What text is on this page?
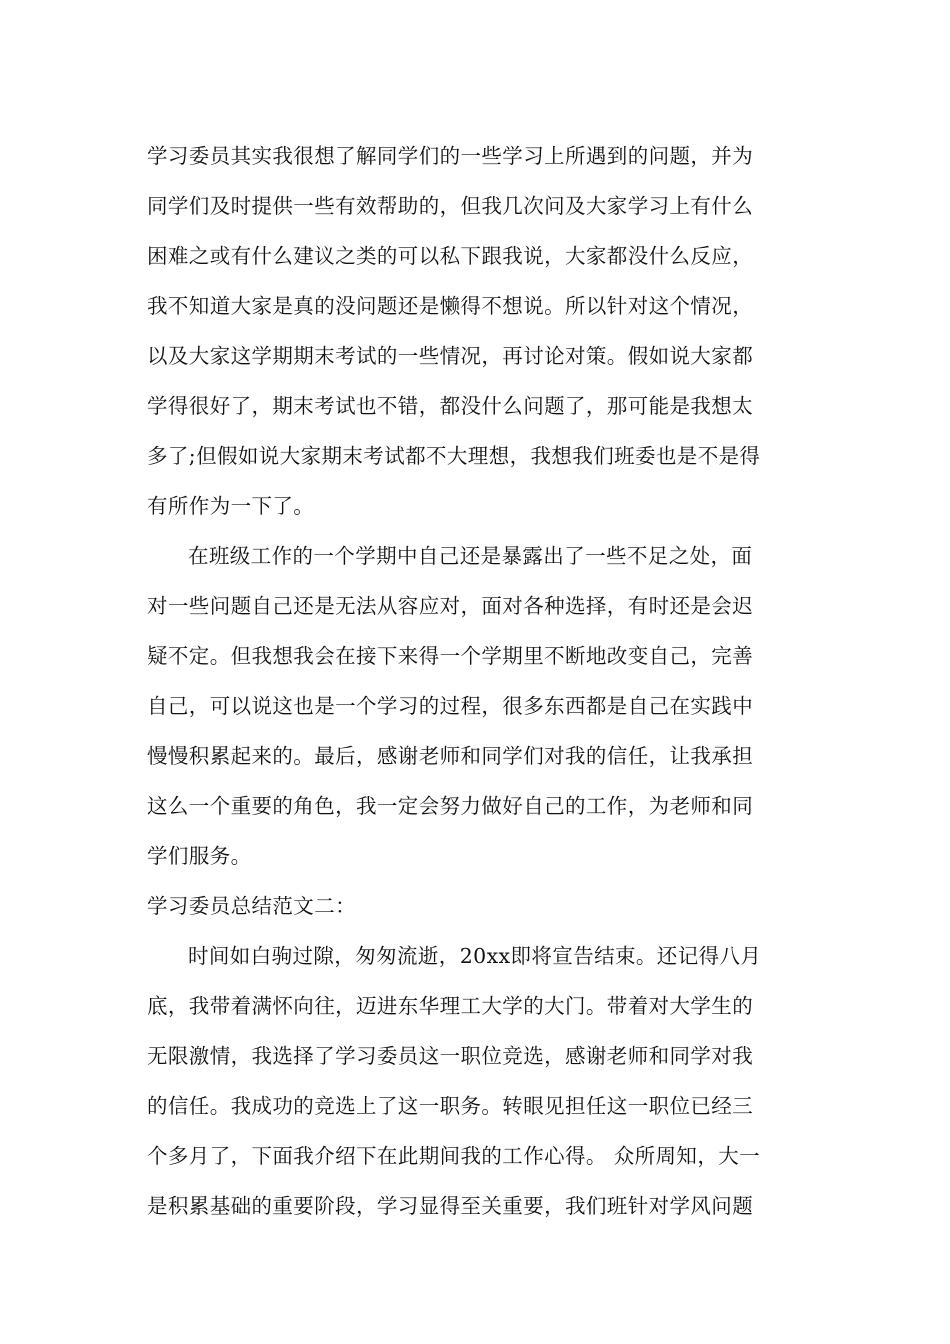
学习委员其实我很想了解同学们的一些学习上所遇到的问题，并为
同学们及时提供一些有效帮助的，但我几次问及大家学习上有什么
困难之或有什么建议之类的可以私下跟我说，大家都没什么反应，
我不知道大家是真的没问题还是懒得不想说。所以针对这个情况，
以及大家这学期期末考试的一些情况，再讨论对策。假如说大家都
学得很好了，期末考试也不错，都没什么问题了，那可能是我想太
多了;但假如说大家期末考试都不大理想，我想我们班委也是不是得
有所作为一下了。
在班级工作的一个学期中自己还是暴露出了一些不足之处，面
对一些问题自己还是无法从容应对，面对各种选择，有时还是会迟
疑不定。但我想我会在接下来得一个学期里不断地改变自己，完善
自己，可以说这也是一个学习的过程，很多东西都是自己在实践中
慢慢积累起来的。最后，感谢老师和同学们对我的信任，让我承担
这么一个重要的角色，我一定会努力做好自己的工作，为老师和同
学们服务。
学习委员总结范文二：
时间如白驹过隙，匆匆流逝，20xx即将宣告结束。还记得八月
底，我带着满怀向往，迈进东华理工大学的大门。带着对大学生的
无限激情，我选择了学习委员这一职位竞选，感谢老师和同学对我
的信任。我成功的竞选上了这一职务。转眼见担任这一职位已经三
个多月了，下面我介绍下在此期间我的工作心得。 众所周知，大一
是积累基础的重要阶段，学习显得至关重要，我们班针对学风问题
